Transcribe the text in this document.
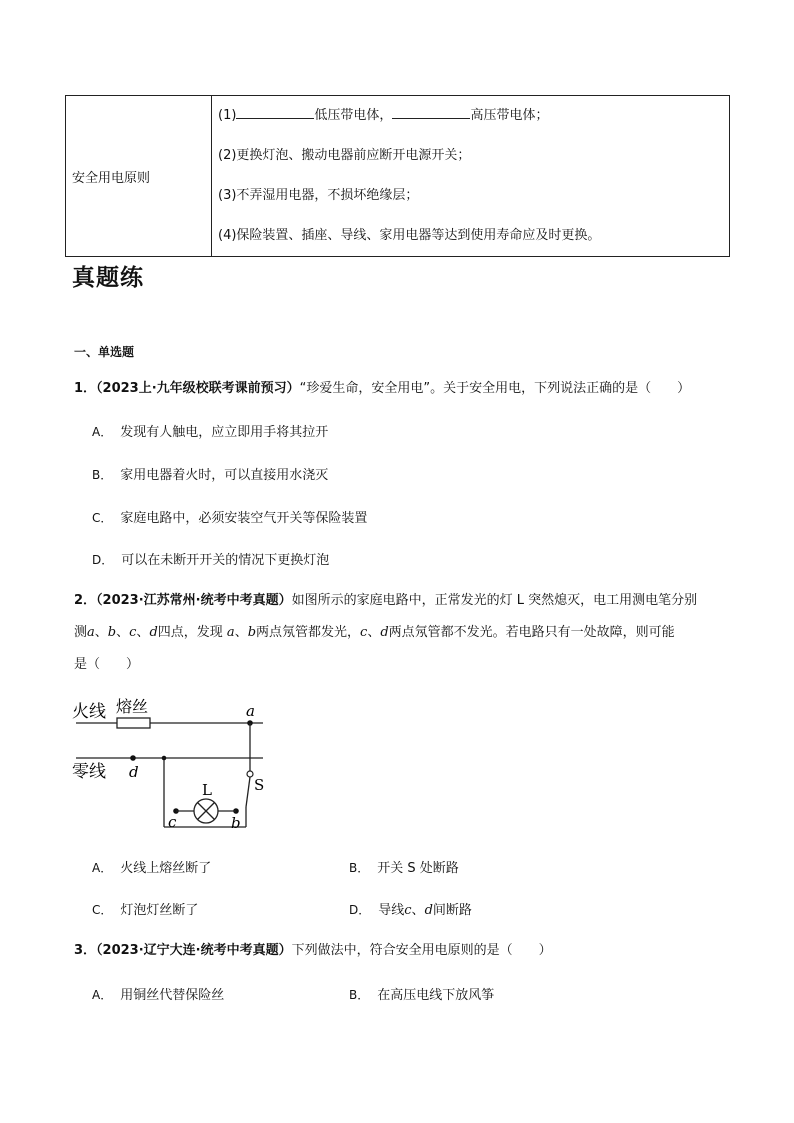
安全用电原则	
(1)	低压带电体，	高压带电体；
(2)更换灯泡、搬动电器前应断开电源开关；
(3)不弄湿用电器，不损坏绝缘层；
(4)保险装置、插座、导线、家用电器等达到使用寿命应及时更换。
真题练
一、单选题
1．（2023上·九年级校联考课前预习）“珍爱生命，安全用电”。关于安全用电，下列说法正确的是（　　）
A． 发现有人触电，应立即用手将其拉开
B． 家用电器着火时，可以直接用水浇灭
C． 家庭电路中，必须安装空气开关等保险装置
D． 可以在未断开开关的情况下更换灯泡
2．（2023·江苏常州·统考中考真题）如图所示的家庭电路中，正常发光的灯 L 突然熄灭，电工用测电笔分别
测a、b、c、d四点，发现 a、b两点氖管都发光，c、d两点氖管都不发光。若电路只有一处故障，则可能
是（　　）
火线 熔丝
零线
a
S
d
c	b
L
A． 火线上熔丝断了	B． 开关 S 处断路
C． 灯泡灯丝断了	D． 导线c、d间断路
3．（2023·辽宁大连·统考中考真题）下列做法中，符合安全用电原则的是（　　）
A． 用铜丝代替保险丝	B． 在高压电线下放风筝
